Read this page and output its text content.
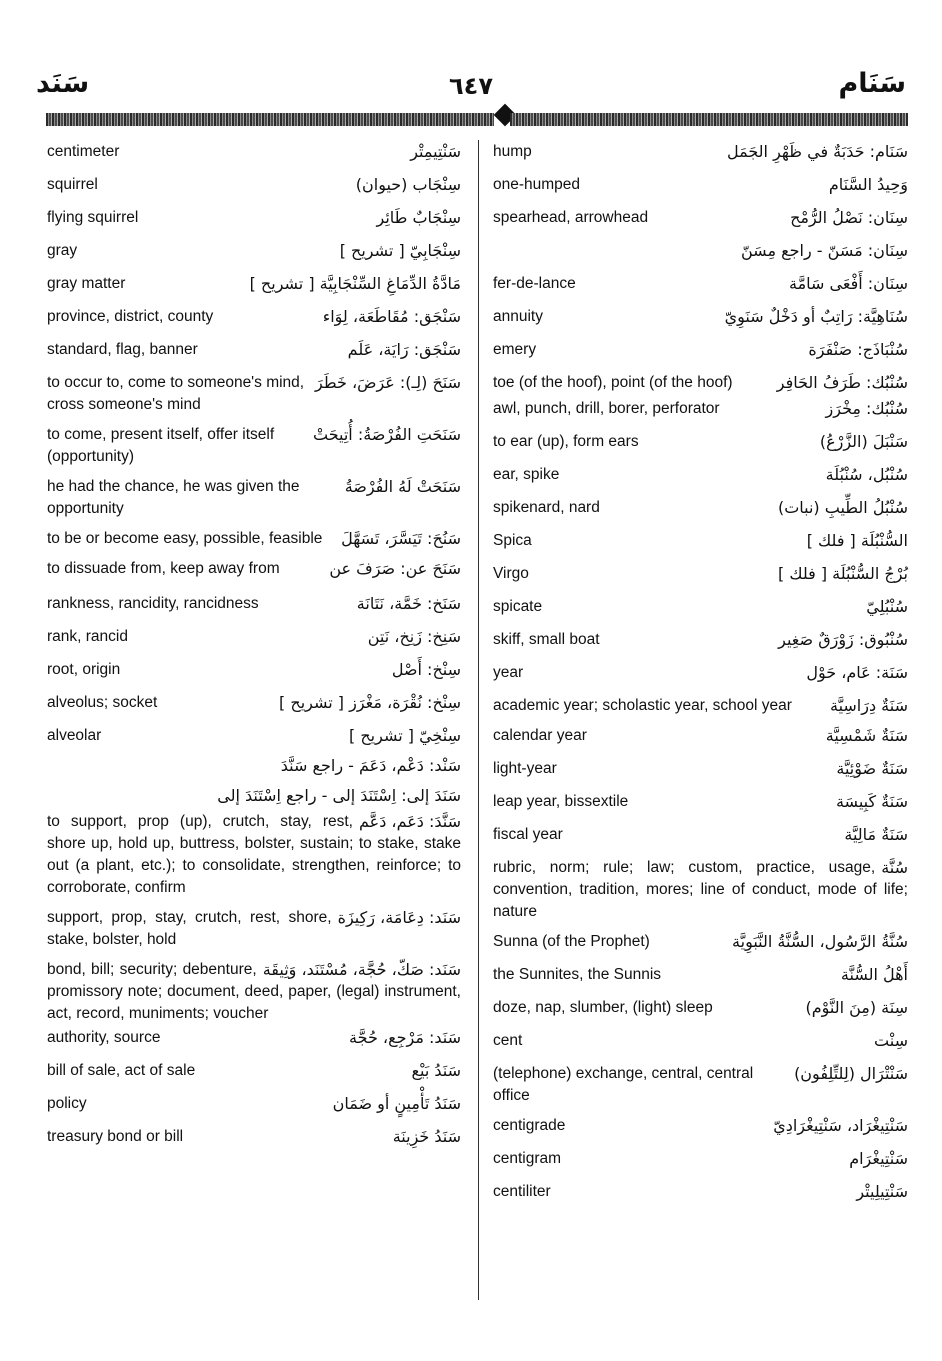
سَنَد	٦٤٧	سَنَام
centimeter	سَنْتِيمِتْر
squirrel	سِنْجَاب (حيوان)
flying squirrel	سِنْجَابٌ طَائِر
gray	سِنْجَابِيّ [ تشريح ]
gray matter	مَادَّةُ الدِّمَاغِ السِّنْجَابِيَّة [ تشريح ]
province, district, county	سَنْجَق: مُقَاطَعَة، لِوَاء
standard, flag, banner	سَنْجَق: رَايَة، عَلَم
to occur to, come to someone's mind, cross someone's mind
سَنَحَ (لِـ): عَرَضَ، خَطَرَ
to come, present itself, offer itself (opportunity)
سَنَحَتِ الفُرْصَةُ: أُتِيحَتْ
he had the chance, he was given the opportunity
سَنَحَتْ لَهُ الفُرْصَةُ
to be or become easy, possible, feasible سَنُحَ: تَيَسَّرَ، تَسَهَّلَ
to dissuade from, keep away from	سَنَحَ عن: صَرَفَ عن
rankness, rancidity, rancidness	سَنَخ: خَمَّة، نَتَانَة
rank, rancid	سَنِخ: زَنِخ، نَتِن
root, origin	سِنْخ: أَصْل
alveolus; socket	سِنْخ: نُقْرَة، مَغْرَز [ تشريح ]
alveolar	سِنْخِيّ [ تشريح ]
سَنْد: دَعْم، دَعَمَ - راجع سَنَّدَ
سَنَدَ إلى: اِسْتَنَدَ إلى - راجع اِسْتَنَدَ إلى
سَنَّدَ: دَعَم، دَعَّم
to support, prop (up), crutch, stay, rest, shore up, hold up, buttress, bolster, sustain; to stake, stake out (a plant, etc.); to consolidate, strengthen, reinforce; to corroborate, confirm
سَنَد: دِعَامَة، رَكِيزَة
support, prop, stay, crutch, rest, shore, stake, bolster, hold
سَنَد: صَكّ، حُجَّة، مُسْتَنَد، وَثِيقَة
bond, bill; security; debenture, promissory note; document, deed, paper, (legal) instrument, act, record, muniments; voucher
authority, source	سَنَد: مَرْجِع، حُجَّة
bill of sale, act of sale	سَنَدُ بَيْع
policy	سَنَدُ تَأْمِينٍ أو ضَمَان
treasury bond or bill	سَنَدُ خَزِينَة
hump	سَنَام: حَدَبَةٌ في ظَهْرِ الجَمَل
one-humped	وَحِيدُ السَّنَام
spearhead, arrowhead	سِنَان: نَصْلُ الرُّمْح
سِنَان: مَسَنّ - راجع مِسَنّ
fer-de-lance	سِنَان: أَفْعَى سَامَّة
annuity	سُنَاهِيَّة: رَاتِبٌ أو دَخْلٌ سَنَوِيّ
emery	سُنْبَاذَج: صَنْفَرَة
toe (of the hoof), point (of the hoof)	سُنْبُك: طَرَفُ الحَافِر
awl, punch, drill, borer, perforator	سُنْبُك: مِخْرَز
to ear (up), form ears	سَنْبَلَ (الزَّرْعُ)
ear, spike	سُنْبُل، سُنْبُلَة
spikenard, nard	سُنْبُلُ الطِّيبِ (نبات)
Spica	السُّنْبُلَة [ فلك ]
Virgo	بُرْجُ السُّنْبُلَة [ فلك ]
spicate	سُنْبُلِيّ
skiff, small boat	سُنْبُوق: زَوْرَقٌ صَغِير
year	سَنَة: عَام، حَوْل
academic year; scholastic year, school year سَنَةٌ دِرَاسِيَّة
calendar year	سَنَةٌ شَمْسِيَّة
light-year	سَنَةٌ ضَوْئِيَّة
leap year, bissextile	سَنَةٌ كَبِيسَة
fiscal year	سَنَةٌ مَالِيَّة
سُنَّة
rubric, norm; rule; law; custom, practice, usage, convention, tradition, mores; line of conduct, mode of life; nature
Sunna (of the Prophet)	سُنَّةُ الرَّسُول، السُّنَّةُ النَّبَوِيَّة
the Sunnites, the Sunnis	أَهْلُ السُّنَّة
doze, nap, slumber, (light) sleep	سِنَة (مِنَ النَّوْم)
cent	سِنْت
(telephone) exchange, central, central office
سَنْتْرَال (لِلتِّلِفُون)
centigrade	سَنْتِيغْرَاد، سَنْتِيغْرَادِيّ
centigram	سَنْتِيغْرَام
centiliter	سَنْتِيلِيتْر
